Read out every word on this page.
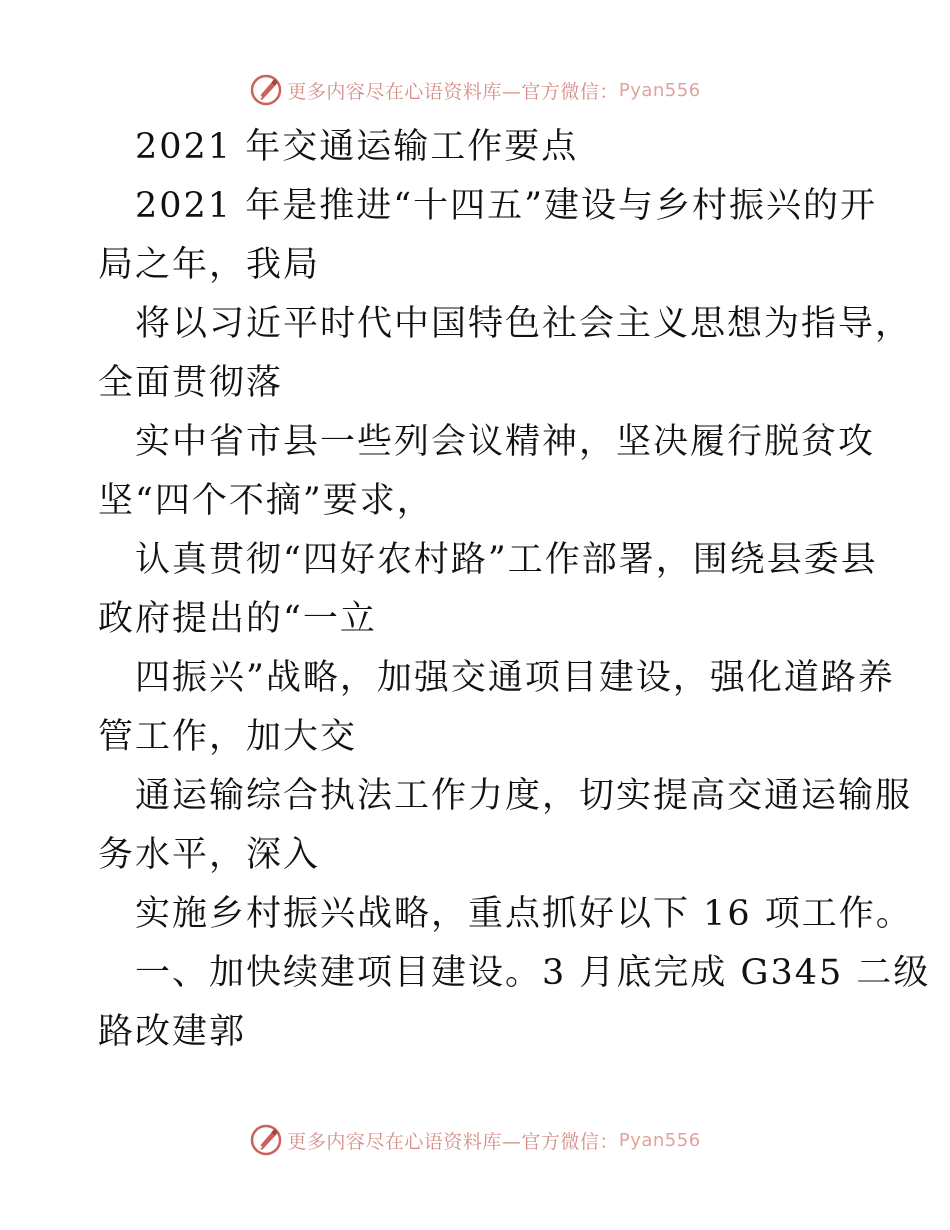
更多内容尽在心语资料库—官方微信： Pyan556
2021 年交通运输工作要点
2021 年是推进“十四五”建设与乡村振兴的开
局之年，我局
将以习近平时代中国特色社会主义思想为指导，
全面贯彻落
实中省市县一些列会议精神，坚决履行脱贫攻
坚“四个不摘”要求，
认真贯彻“四好农村路”工作部署，围绕县委县
政府提出的“一立
四振兴”战略，加强交通项目建设，强化道路养
管工作，加大交
通运输综合执法工作力度，切实提高交通运输服
务水平，深入
实施乡村振兴战略，重点抓好以下 16 项工作。
一、加快续建项目建设。3 月底完成 G345 二级
路改建郭
更多内容尽在心语资料库—官方微信： Pyan556
